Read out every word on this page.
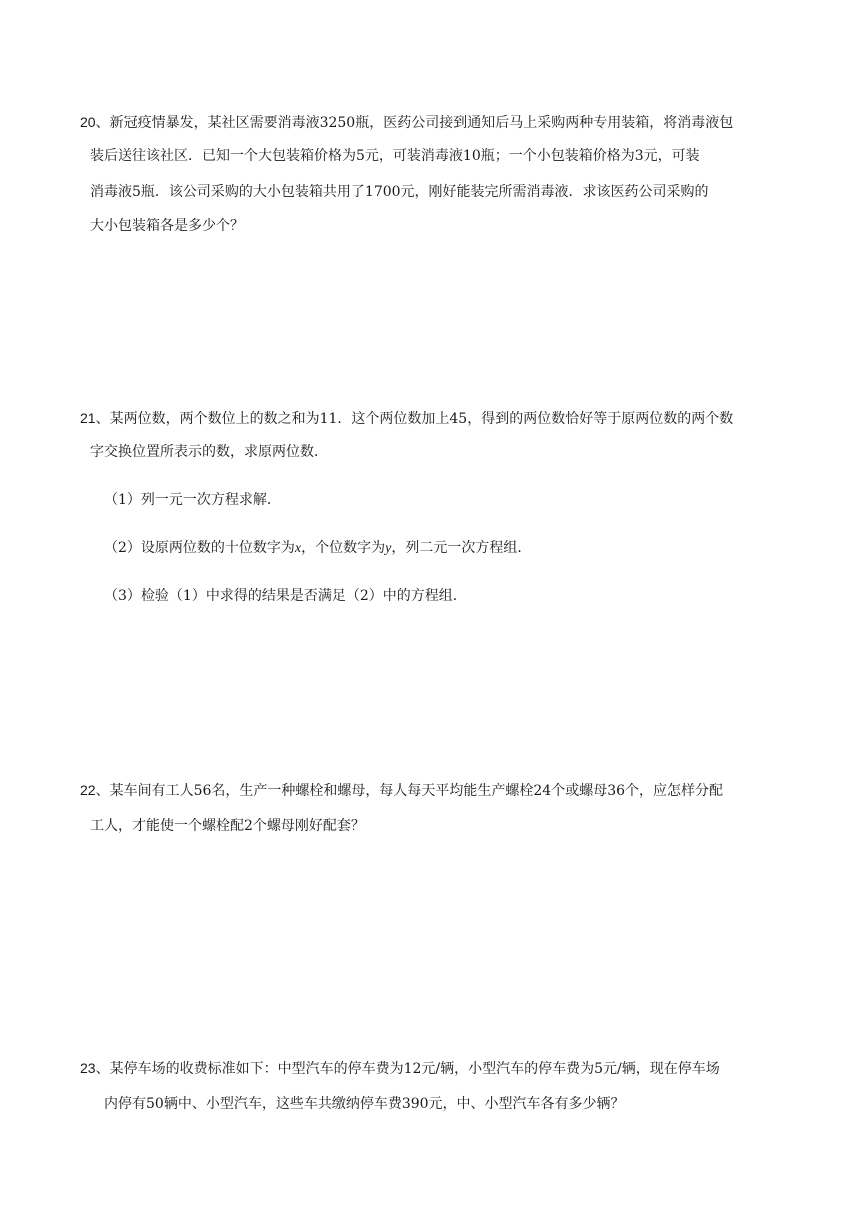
20、新冠疫情暴发，某社区需要消毒液3250瓶，医药公司接到通知后马上采购两种专用装箱，将消毒液包
装后送往该社区．已知一个大包装箱价格为5元，可装消毒液10瓶；一个小包装箱价格为3元，可装
消毒液5瓶．该公司采购的大小包装箱共用了1700元，刚好能装完所需消毒液．求该医药公司采购的
大小包装箱各是多少个？
21、某两位数，两个数位上的数之和为11．这个两位数加上45，得到的两位数恰好等于原两位数的两个数
字交换位置所表示的数，求原两位数．
（1）列一元一次方程求解．
（2）设原两位数的十位数字为x，个位数字为y，列二元一次方程组．
（3）检验（1）中求得的结果是否满足（2）中的方程组．
22、某车间有工人56名，生产一种螺栓和螺母，每人每天平均能生产螺栓24个或螺母36个，应怎样分配
工人，才能使一个螺栓配2个螺母刚好配套？
23、某停车场的收费标准如下：中型汽车的停车费为12元/辆，小型汽车的停车费为5元/辆，现在停车场
内停有50辆中、小型汽车，这些车共缴纳停车费390元，中、小型汽车各有多少辆？
